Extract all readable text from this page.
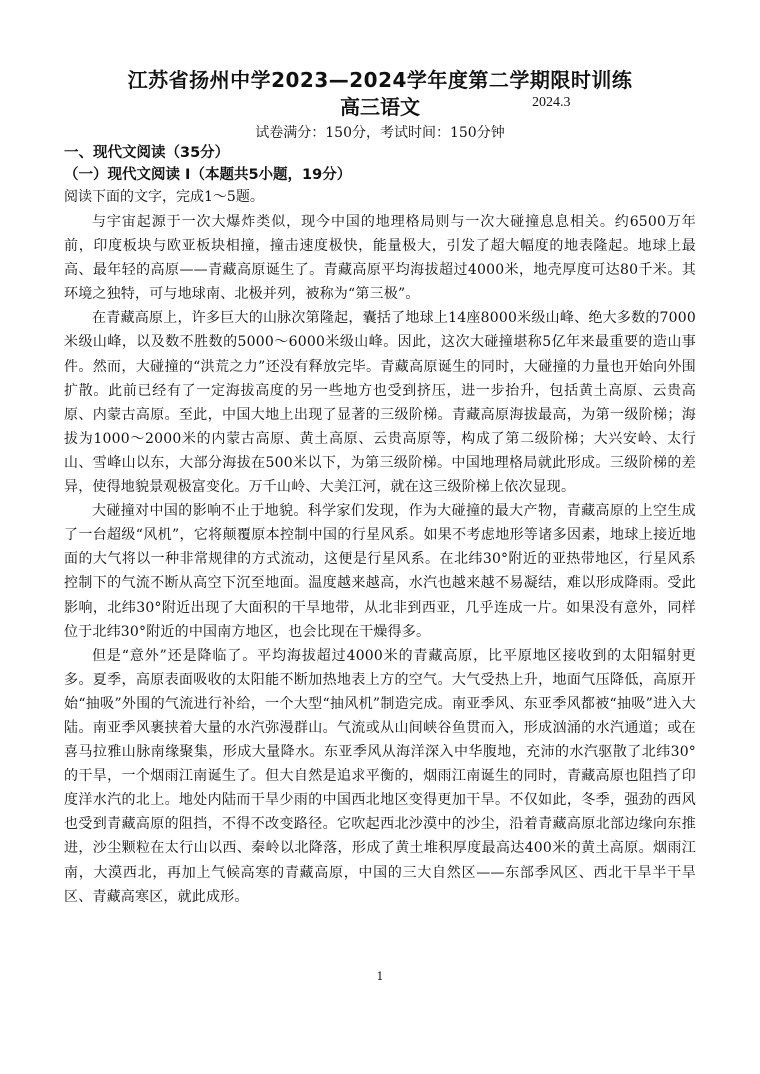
江苏省扬州中学2023—2024学年度第二学期限时训练
高三语文	2024.3
试卷满分：150分，考试时间：150分钟
一、现代文阅读（35分）
（一）现代文阅读 I（本题共5小题，19分）
阅读下面的文字，完成1～5题。

与宇宙起源于一次大爆炸类似，现今中国的地理格局则与一次大碰撞息息相关。约6500万年前，印度板块与欧亚板块相撞，撞击速度极快，能量极大，引发了超大幅度的地表隆起。地球上最高、最年轻的高原——青藏高原诞生了。青藏高原平均海拔超过4000米，地壳厚度可达80千米。其环境之独特，可与地球南、北极并列，被称为“第三极”。

在青藏高原上，许多巨大的山脉次第隆起，囊括了地球上14座8000米级山峰、绝大多数的7000米级山峰，以及数不胜数的5000～6000米级山峰。因此，这次大碰撞堪称5亿年来最重要的造山事件。然而，大碰撞的“洪荒之力”还没有释放完毕。青藏高原诞生的同时，大碰撞的力量也开始向外围扩散。此前已经有了一定海拔高度的另一些地方也受到挤压，进一步抬升，包括黄土高原、云贵高原、内蒙古高原。至此，中国大地上出现了显著的三级阶梯。青藏高原海拔最高，为第一级阶梯；海拔为1000～2000米的内蒙古高原、黄土高原、云贵高原等，构成了第二级阶梯；大兴安岭、太行山、雪峰山以东，大部分海拔在500米以下，为第三级阶梯。中国地理格局就此形成。三级阶梯的差异，使得地貌景观极富变化。万千山岭、大美江河，就在这三级阶梯上依次显现。

大碰撞对中国的影响不止于地貌。科学家们发现，作为大碰撞的最大产物，青藏高原的上空生成了一台超级“风机”，它将颠覆原本控制中国的行星风系。如果不考虑地形等诸多因素，地球上接近地面的大气将以一种非常规律的方式流动，这便是行星风系。在北纬30°附近的亚热带地区，行星风系控制下的气流不断从高空下沉至地面。温度越来越高，水汽也越来越不易凝结，难以形成降雨。受此影响，北纬30°附近出现了大面积的干旱地带，从北非到西亚，几乎连成一片。如果没有意外，同样位于北纬30°附近的中国南方地区，也会比现在干燥得多。

但是“意外”还是降临了。平均海拔超过4000米的青藏高原，比平原地区接收到的太阳辐射更多。夏季，高原表面吸收的太阳能不断加热地表上方的空气。大气受热上升，地面气压降低，高原开始“抽吸”外围的气流进行补给，一个大型“抽风机”制造完成。南亚季风、东亚季风都被“抽吸”进入大陆。南亚季风裹挟着大量的水汽弥漫群山。气流或从山间峡谷鱼贯而入，形成汹涌的水汽通道；或在喜马拉雅山脉南缘聚集，形成大量降水。东亚季风从海洋深入中华腹地，充沛的水汽驱散了北纬30°的干旱，一个烟雨江南诞生了。但大自然是追求平衡的，烟雨江南诞生的同时，青藏高原也阻挡了印度洋水汽的北上。地处内陆而干旱少雨的中国西北地区变得更加干旱。不仅如此，冬季，强劲的西风也受到青藏高原的阻挡，不得不改变路径。它吹起西北沙漠中的沙尘，沿着青藏高原北部边缘向东推进，沙尘颗粒在太行山以西、秦岭以北降落，形成了黄土堆积厚度最高达400米的黄土高原。烟雨江南，大漠西北，再加上气候高寒的青藏高原，中国的三大自然区——东部季风区、西北干旱半干旱区、青藏高寒区，就此成形。

1
